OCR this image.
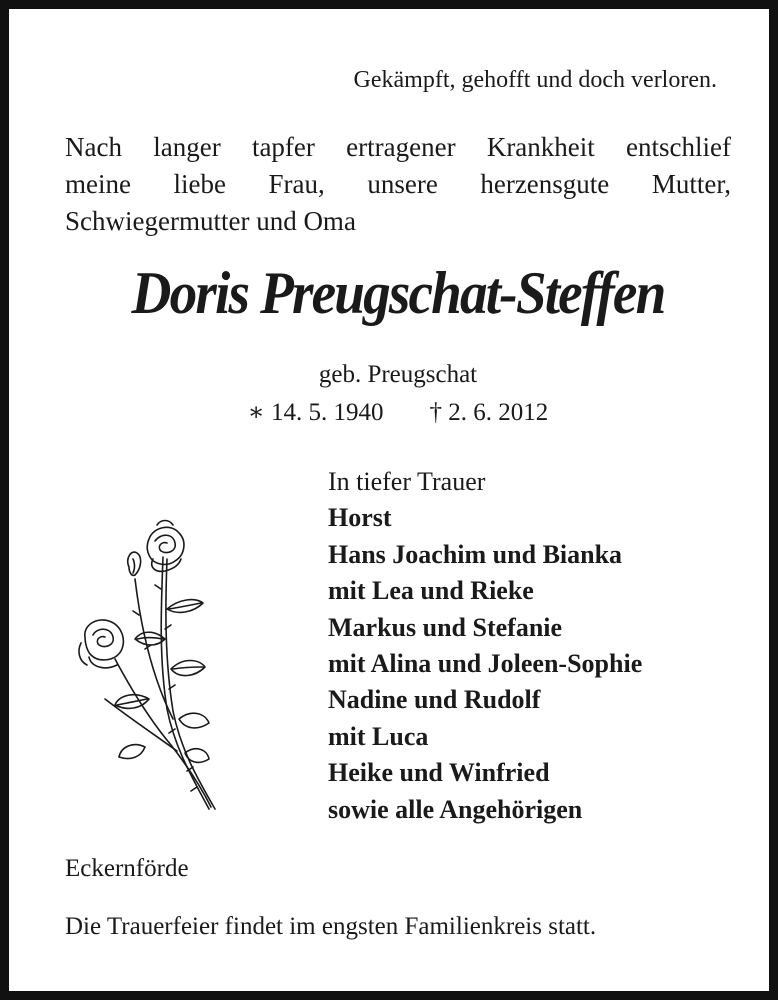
Gekämpft, gehofft und doch verloren.
Nach langer tapfer ertragener Krankheit entschlief
meine liebe Frau, unsere herzensgute Mutter,
Schwiegermutter und Oma
Doris Preugschat-Steffen
geb. Preugschat
∗ 14. 5. 1940 † 2. 6. 2012
In tiefer Trauer
Horst
Hans Joachim und Bianka
mit Lea und Rieke
Markus und Stefanie
mit Alina und Joleen-Sophie
Nadine und Rudolf
mit Luca
Heike und Winfried
sowie alle Angehörigen
Eckernförde
Die Trauerfeier findet im engsten Familienkreis statt.
